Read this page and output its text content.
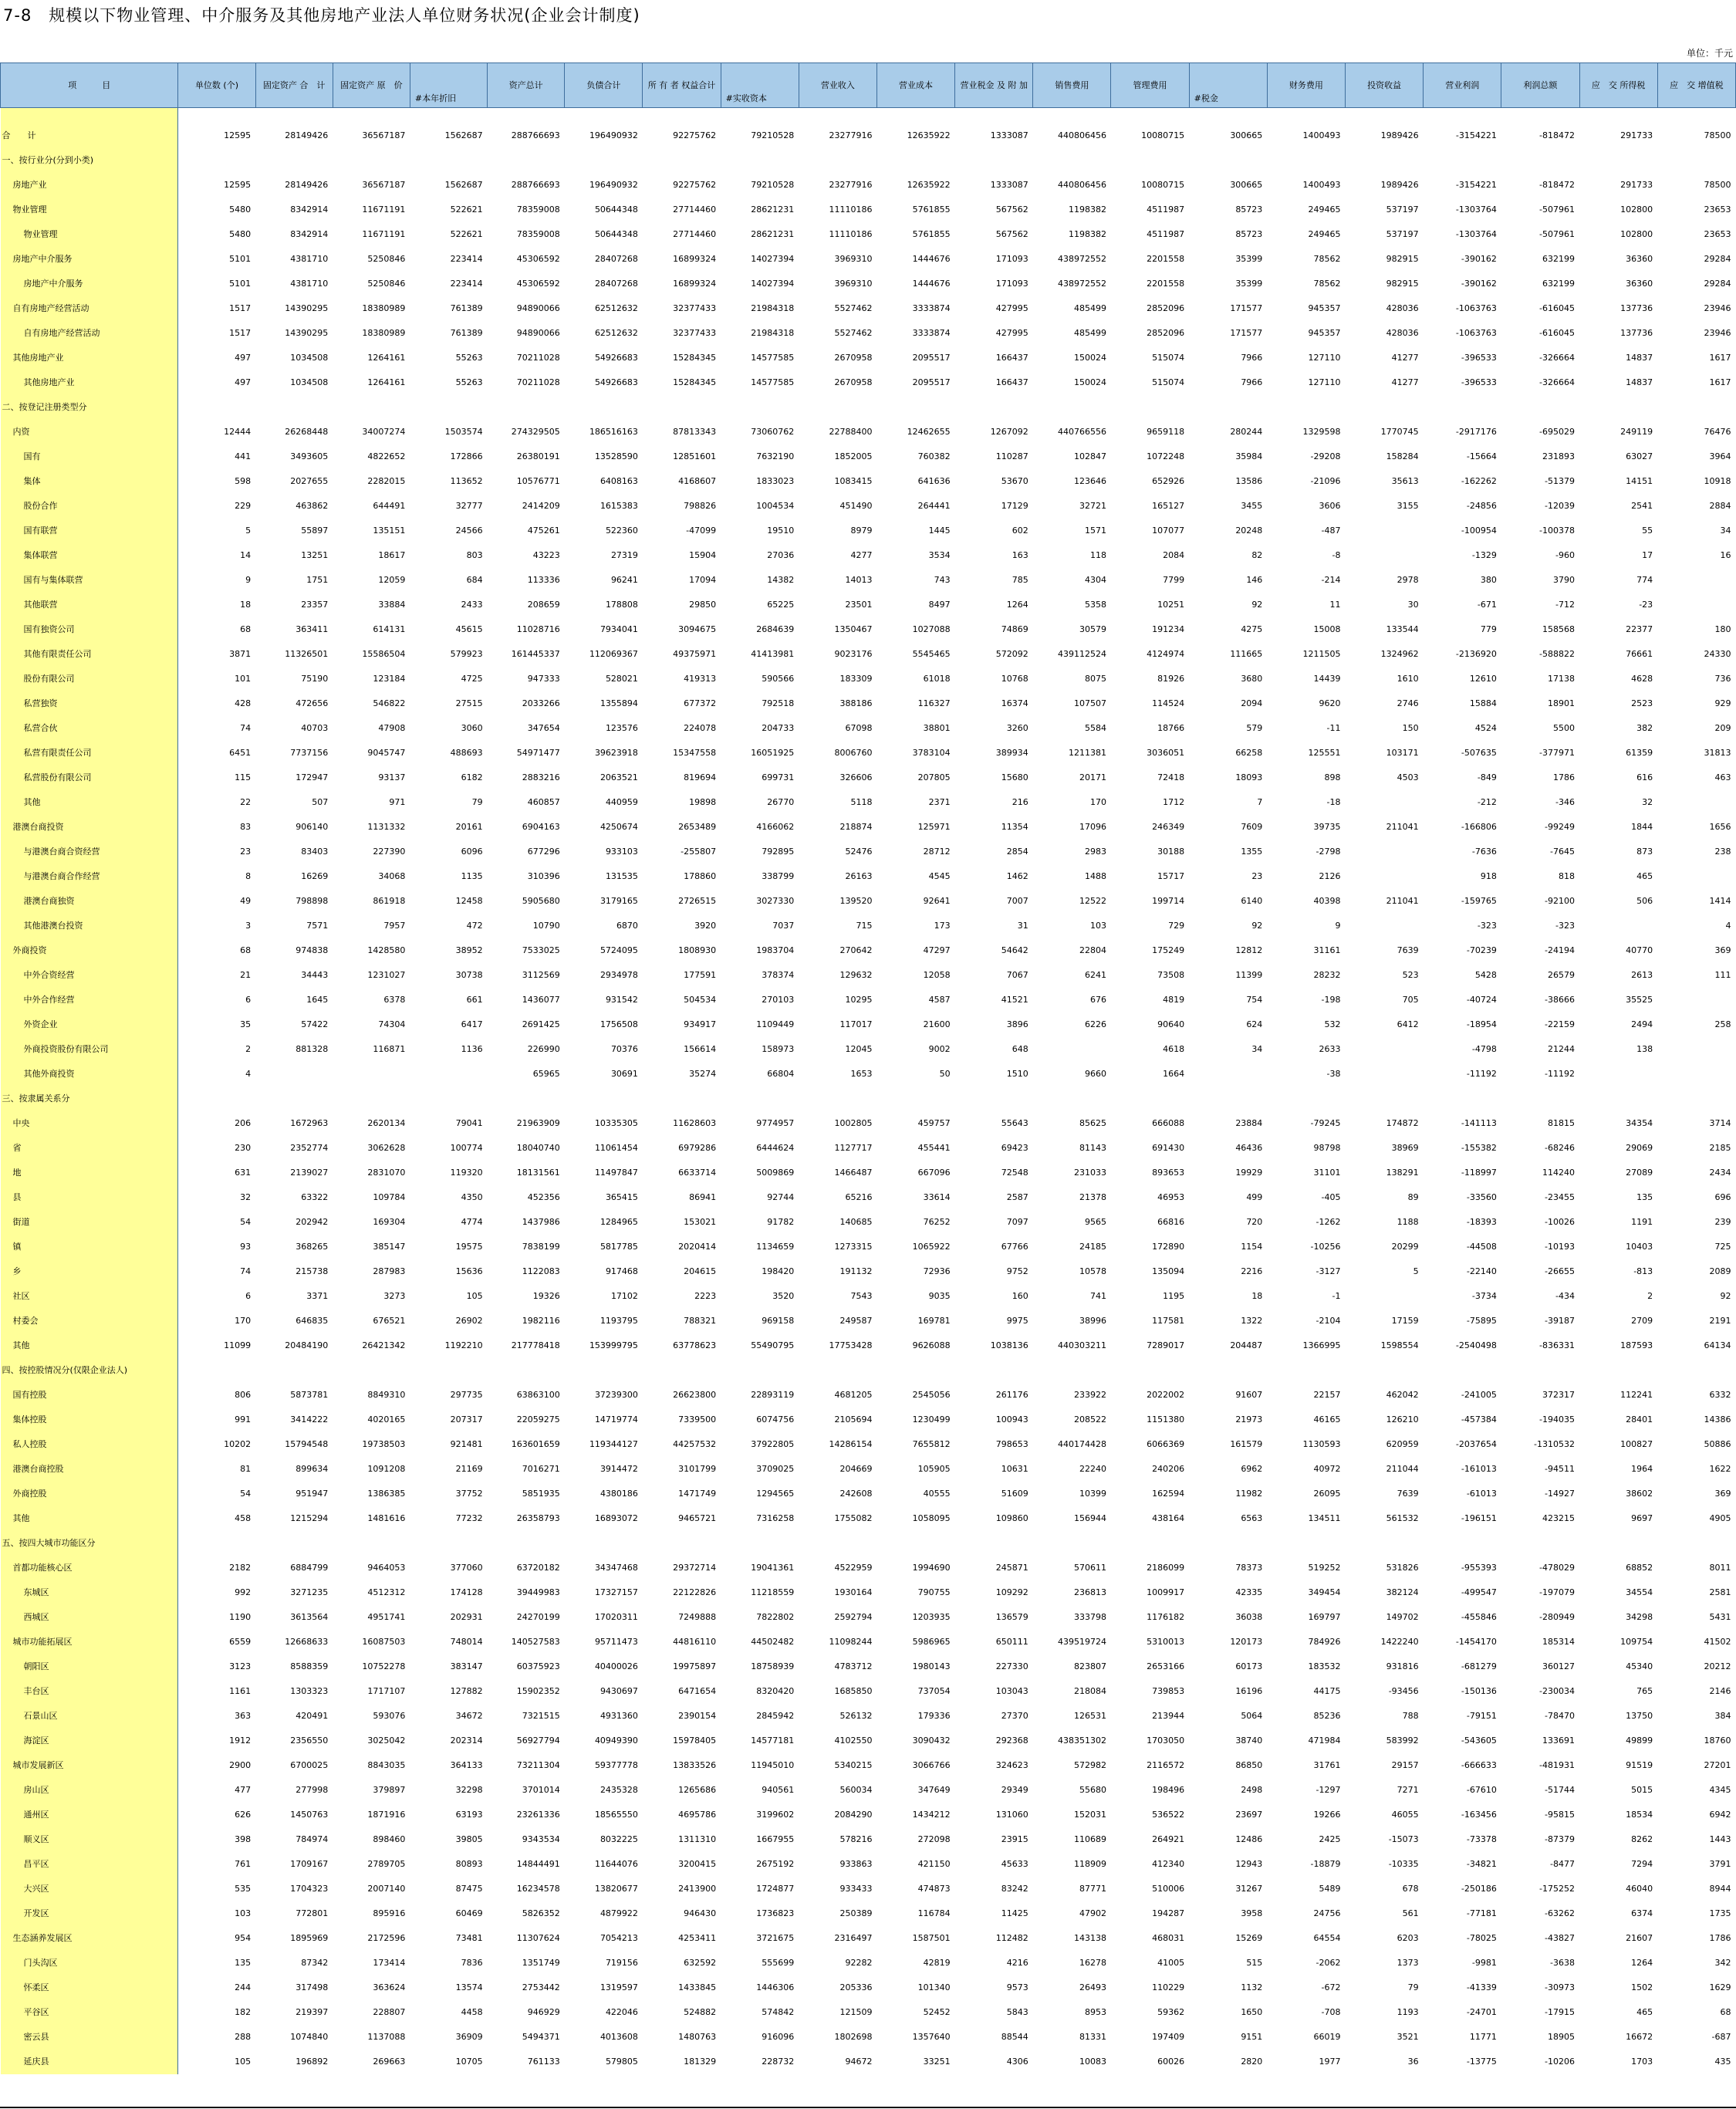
7-8　规模以下物业管理、中介服务及其他房地产业法人单位财务状况(企业会计制度)
单位：千元
项　　　目	单位数 (个)	固定资产 合　计	固定资产 原　价	#本年折旧	资产总计	负债合计	所 有 者 权益合计	#实收资本	营业收入	营业成本	营业税金 及 附 加	销售费用	管理费用	#税金	财务费用	投资收益	营业利润	利润总额	应　交 所得税	应　交 增值税

合　　计	12595	28149426	36567187	1562687	288766693	196490932	92275762	79210528	23277916	12635922	1333087	440806456	10080715	300665	1400493	1989426	-3154221	-818472	291733	78500
一、按行业分(分到小类)																				
房地产业	12595	28149426	36567187	1562687	288766693	196490932	92275762	79210528	23277916	12635922	1333087	440806456	10080715	300665	1400493	1989426	-3154221	-818472	291733	78500
物业管理	5480	8342914	11671191	522621	78359008	50644348	27714460	28621231	11110186	5761855	567562	1198382	4511987	85723	249465	537197	-1303764	-507961	102800	23653
物业管理	5480	8342914	11671191	522621	78359008	50644348	27714460	28621231	11110186	5761855	567562	1198382	4511987	85723	249465	537197	-1303764	-507961	102800	23653
房地产中介服务	5101	4381710	5250846	223414	45306592	28407268	16899324	14027394	3969310	1444676	171093	438972552	2201558	35399	78562	982915	-390162	632199	36360	29284
房地产中介服务	5101	4381710	5250846	223414	45306592	28407268	16899324	14027394	3969310	1444676	171093	438972552	2201558	35399	78562	982915	-390162	632199	36360	29284
自有房地产经营活动	1517	14390295	18380989	761389	94890066	62512632	32377433	21984318	5527462	3333874	427995	485499	2852096	171577	945357	428036	-1063763	-616045	137736	23946
自有房地产经营活动	1517	14390295	18380989	761389	94890066	62512632	32377433	21984318	5527462	3333874	427995	485499	2852096	171577	945357	428036	-1063763	-616045	137736	23946
其他房地产业	497	1034508	1264161	55263	70211028	54926683	15284345	14577585	2670958	2095517	166437	150024	515074	7966	127110	41277	-396533	-326664	14837	1617
其他房地产业	497	1034508	1264161	55263	70211028	54926683	15284345	14577585	2670958	2095517	166437	150024	515074	7966	127110	41277	-396533	-326664	14837	1617
二、按登记注册类型分																				
内资	12444	26268448	34007274	1503574	274329505	186516163	87813343	73060762	22788400	12462655	1267092	440766556	9659118	280244	1329598	1770745	-2917176	-695029	249119	76476
国有	441	3493605	4822652	172866	26380191	13528590	12851601	7632190	1852005	760382	110287	102847	1072248	35984	-29208	158284	-15664	231893	63027	3964
集体	598	2027655	2282015	113652	10576771	6408163	4168607	1833023	1083415	641636	53670	123646	652926	13586	-21096	35613	-162262	-51379	14151	10918
股份合作	229	463862	644491	32777	2414209	1615383	798826	1004534	451490	264441	17129	32721	165127	3455	3606	3155	-24856	-12039	2541	2884
国有联营	5	55897	135151	24566	475261	522360	-47099	19510	8979	1445	602	1571	107077	20248	-487		-100954	-100378	55	34
集体联营	14	13251	18617	803	43223	27319	15904	27036	4277	3534	163	118	2084	82	-8		-1329	-960	17	16
国有与集体联营	9	1751	12059	684	113336	96241	17094	14382	14013	743	785	4304	7799	146	-214	2978	380	3790	774	
其他联营	18	23357	33884	2433	208659	178808	29850	65225	23501	8497	1264	5358	10251	92	11	30	-671	-712	-23	
国有独资公司	68	363411	614131	45615	11028716	7934041	3094675	2684639	1350467	1027088	74869	30579	191234	4275	15008	133544	779	158568	22377	180
其他有限责任公司	3871	11326501	15586504	579923	161445337	112069367	49375971	41413981	9023176	5545465	572092	439112524	4124974	111665	1211505	1324962	-2136920	-588822	76661	24330
股份有限公司	101	75190	123184	4725	947333	528021	419313	590566	183309	61018	10768	8075	81926	3680	14439	1610	12610	17138	4628	736
私营独资	428	472656	546822	27515	2033266	1355894	677372	792518	388186	116327	16374	107507	114524	2094	9620	2746	15884	18901	2523	929
私营合伙	74	40703	47908	3060	347654	123576	224078	204733	67098	38801	3260	5584	18766	579	-11	150	4524	5500	382	209
私营有限责任公司	6451	7737156	9045747	488693	54971477	39623918	15347558	16051925	8006760	3783104	389934	1211381	3036051	66258	125551	103171	-507635	-377971	61359	31813
私营股份有限公司	115	172947	93137	6182	2883216	2063521	819694	699731	326606	207805	15680	20171	72418	18093	898	4503	-849	1786	616	463
其他	22	507	971	79	460857	440959	19898	26770	5118	2371	216	170	1712	7	-18		-212	-346	32	
港澳台商投资	83	906140	1131332	20161	6904163	4250674	2653489	4166062	218874	125971	11354	17096	246349	7609	39735	211041	-166806	-99249	1844	1656
与港澳台商合资经营	23	83403	227390	6096	677296	933103	-255807	792895	52476	28712	2854	2983	30188	1355	-2798		-7636	-7645	873	238
与港澳台商合作经营	8	16269	34068	1135	310396	131535	178860	338799	26163	4545	1462	1488	15717	23	2126		918	818	465	
港澳台商独资	49	798898	861918	12458	5905680	3179165	2726515	3027330	139520	92641	7007	12522	199714	6140	40398	211041	-159765	-92100	506	1414
其他港澳台投资	3	7571	7957	472	10790	6870	3920	7037	715	173	31	103	729	92	9		-323	-323		4
外商投资	68	974838	1428580	38952	7533025	5724095	1808930	1983704	270642	47297	54642	22804	175249	12812	31161	7639	-70239	-24194	40770	369
中外合资经营	21	34443	1231027	30738	3112569	2934978	177591	378374	129632	12058	7067	6241	73508	11399	28232	523	5428	26579	2613	111
中外合作经营	6	1645	6378	661	1436077	931542	504534	270103	10295	4587	41521	676	4819	754	-198	705	-40724	-38666	35525	
外资企业	35	57422	74304	6417	2691425	1756508	934917	1109449	117017	21600	3896	6226	90640	624	532	6412	-18954	-22159	2494	258
外商投资股份有限公司	2	881328	116871	1136	226990	70376	156614	158973	12045	9002	648		4618	34	2633		-4798	21244	138	
其他外商投资	4				65965	30691	35274	66804	1653	50	1510	9660	1664		-38		-11192	-11192		
三、按隶属关系分																				
中央	206	1672963	2620134	79041	21963909	10335305	11628603	9774957	1002805	459757	55643	85625	666088	23884	-79245	174872	-141113	81815	34354	3714
省	230	2352774	3062628	100774	18040740	11061454	6979286	6444624	1127717	455441	69423	81143	691430	46436	98798	38969	-155382	-68246	29069	2185
地	631	2139027	2831070	119320	18131561	11497847	6633714	5009869	1466487	667096	72548	231033	893653	19929	31101	138291	-118997	114240	27089	2434
县	32	63322	109784	4350	452356	365415	86941	92744	65216	33614	2587	21378	46953	499	-405	89	-33560	-23455	135	696
街道	54	202942	169304	4774	1437986	1284965	153021	91782	140685	76252	7097	9565	66816	720	-1262	1188	-18393	-10026	1191	239
镇	93	368265	385147	19575	7838199	5817785	2020414	1134659	1273315	1065922	67766	24185	172890	1154	-10256	20299	-44508	-10193	10403	725
乡	74	215738	287983	15636	1122083	917468	204615	198420	191132	72936	9752	10578	135094	2216	-3127	5	-22140	-26655	-813	2089
社区	6	3371	3273	105	19326	17102	2223	3520	7543	9035	160	741	1195	18	-1		-3734	-434	2	92
村委会	170	646835	676521	26902	1982116	1193795	788321	969158	249587	169781	9975	38996	117581	1322	-2104	17159	-75895	-39187	2709	2191
其他	11099	20484190	26421342	1192210	217778418	153999795	63778623	55490795	17753428	9626088	1038136	440303211	7289017	204487	1366995	1598554	-2540498	-836331	187593	64134
四、按控股情况分(仅限企业法人)																				
国有控股	806	5873781	8849310	297735	63863100	37239300	26623800	22893119	4681205	2545056	261176	233922	2022002	91607	22157	462042	-241005	372317	112241	6332
集体控股	991	3414222	4020165	207317	22059275	14719774	7339500	6074756	2105694	1230499	100943	208522	1151380	21973	46165	126210	-457384	-194035	28401	14386
私人控股	10202	15794548	19738503	921481	163601659	119344127	44257532	37922805	14286154	7655812	798653	440174428	6066369	161579	1130593	620959	-2037654	-1310532	100827	50886
港澳台商控股	81	899634	1091208	21169	7016271	3914472	3101799	3709025	204669	105905	10631	22240	240206	6962	40972	211044	-161013	-94511	1964	1622
外商控股	54	951947	1386385	37752	5851935	4380186	1471749	1294565	242608	40555	51609	10399	162594	11982	26095	7639	-61013	-14927	38602	369
其他	458	1215294	1481616	77232	26358793	16893072	9465721	7316258	1755082	1058095	109860	156944	438164	6563	134511	561532	-196151	423215	9697	4905
五、按四大城市功能区分																				
首都功能核心区	2182	6884799	9464053	377060	63720182	34347468	29372714	19041361	4522959	1994690	245871	570611	2186099	78373	519252	531826	-955393	-478029	68852	8011
东城区	992	3271235	4512312	174128	39449983	17327157	22122826	11218559	1930164	790755	109292	236813	1009917	42335	349454	382124	-499547	-197079	34554	2581
西城区	1190	3613564	4951741	202931	24270199	17020311	7249888	7822802	2592794	1203935	136579	333798	1176182	36038	169797	149702	-455846	-280949	34298	5431
城市功能拓展区	6559	12668633	16087503	748014	140527583	95711473	44816110	44502482	11098244	5986965	650111	439519724	5310013	120173	784926	1422240	-1454170	185314	109754	41502
朝阳区	3123	8588359	10752278	383147	60375923	40400026	19975897	18758939	4783712	1980143	227330	823807	2653166	60173	183532	931816	-681279	360127	45340	20212
丰台区	1161	1303323	1717107	127882	15902352	9430697	6471654	8320420	1685850	737054	103043	218084	739853	16196	44175	-93456	-150136	-230034	765	2146
石景山区	363	420491	593076	34672	7321515	4931360	2390154	2845942	526132	179336	27370	126531	213944	5064	85236	788	-79151	-78470	13750	384
海淀区	1912	2356550	3025042	202314	56927794	40949390	15978405	14577181	4102550	3090432	292368	438351302	1703050	38740	471984	583992	-543605	133691	49899	18760
城市发展新区	2900	6700025	8843035	364133	73211304	59377778	13833526	11945010	5340215	3066766	324623	572982	2116572	86850	31761	29157	-666633	-481931	91519	27201
房山区	477	277998	379897	32298	3701014	2435328	1265686	940561	560034	347649	29349	55680	198496	2498	-1297	7271	-67610	-51744	5015	4345
通州区	626	1450763	1871916	63193	23261336	18565550	4695786	3199602	2084290	1434212	131060	152031	536522	23697	19266	46055	-163456	-95815	18534	6942
顺义区	398	784974	898460	39805	9343534	8032225	1311310	1667955	578216	272098	23915	110689	264921	12486	2425	-15073	-73378	-87379	8262	1443
昌平区	761	1709167	2789705	80893	14844491	11644076	3200415	2675192	933863	421150	45633	118909	412340	12943	-18879	-10335	-34821	-8477	7294	3791
大兴区	535	1704323	2007140	87475	16234578	13820677	2413900	1724877	933433	474873	83242	87771	510006	31267	5489	678	-250186	-175252	46040	8944
开发区	103	772801	895916	60469	5826352	4879922	946430	1736823	250389	116784	11425	47902	194287	3958	24756	561	-77181	-63262	6374	1735
生态涵养发展区	954	1895969	2172596	73481	11307624	7054213	4253411	3721675	2316497	1587501	112482	143138	468031	15269	64554	6203	-78025	-43827	21607	1786
门头沟区	135	87342	173414	7836	1351749	719156	632592	555699	92282	42819	4216	16278	41005	515	-2062	1373	-9981	-3638	1264	342
怀柔区	244	317498	363624	13574	2753442	1319597	1433845	1446306	205336	101340	9573	26493	110229	1132	-672	79	-41339	-30973	1502	1629
平谷区	182	219397	228807	4458	946929	422046	524882	574842	121509	52452	5843	8953	59362	1650	-708	1193	-24701	-17915	465	68
密云县	288	1074840	1137088	36909	5494371	4013608	1480763	916096	1802698	1357640	88544	81331	197409	9151	66019	3521	11771	18905	16672	-687
延庆县	105	196892	269663	10705	761133	579805	181329	228732	94672	33251	4306	10083	60026	2820	1977	36	-13775	-10206	1703	435
